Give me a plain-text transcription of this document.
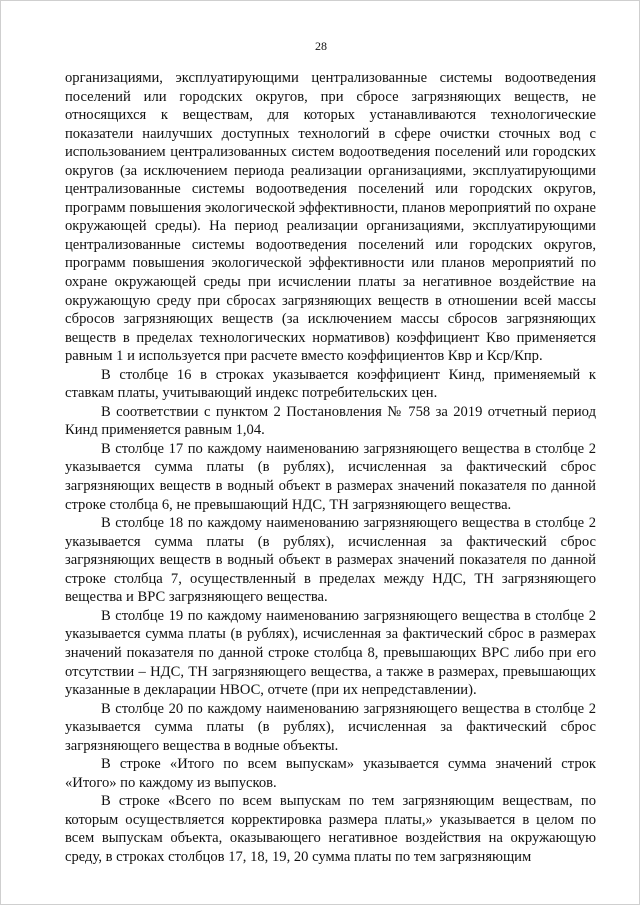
28

организациями, эксплуатирующими централизованные системы водоотведения поселений или городских округов, при сбросе загрязняющих веществ, не относящихся к веществам, для которых устанавливаются технологические показатели наилучших доступных технологий в сфере очистки сточных вод с использованием централизованных систем водоотведения поселений или городских округов (за исключением периода реализации организациями, эксплуатирующими централизованные системы водоотведения поселений или городских округов, программ повышения экологической эффективности, планов мероприятий по охране окружающей среды). На период реализации организациями, эксплуатирующими централизованные системы водоотведения поселений или городских округов, программ повышения экологической эффективности или планов мероприятий по охране окружающей среды при исчислении платы за негативное воздействие на окружающую среду при сбросах загрязняющих веществ в отношении всей массы сбросов загрязняющих веществ (за исключением массы сбросов загрязняющих веществ в пределах технологических нормативов) коэффициент Кво применяется равным 1 и используется при расчете вместо коэффициентов Квр и Кср/Кпр.

В столбце 16 в строках указывается коэффициент Кинд, применяемый к ставкам платы, учитывающий индекс потребительских цен.

В соответствии с пунктом 2 Постановления № 758 за 2019 отчетный период Кинд применяется равным 1,04.

В столбце 17 по каждому наименованию загрязняющего вещества в столбце 2 указывается сумма платы (в рублях), исчисленная за фактический сброс загрязняющих веществ в водный объект в размерах значений показателя по данной строке столбца 6, не превышающий НДС, ТН загрязняющего вещества.

В столбце 18 по каждому наименованию загрязняющего вещества в столбце 2 указывается сумма платы (в рублях), исчисленная за фактический сброс загрязняющих веществ в водный объект в размерах значений показателя по данной строке столбца 7, осуществленный в пределах между НДС, ТН загрязняющего вещества и ВРС загрязняющего вещества.

В столбце 19 по каждому наименованию загрязняющего вещества в столбце 2 указывается сумма платы (в рублях), исчисленная за фактический сброс в размерах значений показателя по данной строке столбца 8, превышающих ВРС либо при его отсутствии – НДС, ТН загрязняющего вещества, а также в размерах, превышающих указанные в декларации НВОС, отчете (при их непредставлении).

В столбце 20 по каждому наименованию загрязняющего вещества в столбце 2 указывается сумма платы (в рублях), исчисленная за фактический сброс загрязняющего вещества в водные объекты.

В строке «Итого по всем выпускам» указывается сумма значений строк «Итого» по каждому из выпусков.

В строке «Всего по всем выпускам по тем загрязняющим веществам, по которым осуществляется корректировка размера платы,» указывается в целом по всем выпускам объекта, оказывающего негативное воздействия на окружающую среду, в строках столбцов 17, 18, 19, 20 сумма платы по тем загрязняющим
